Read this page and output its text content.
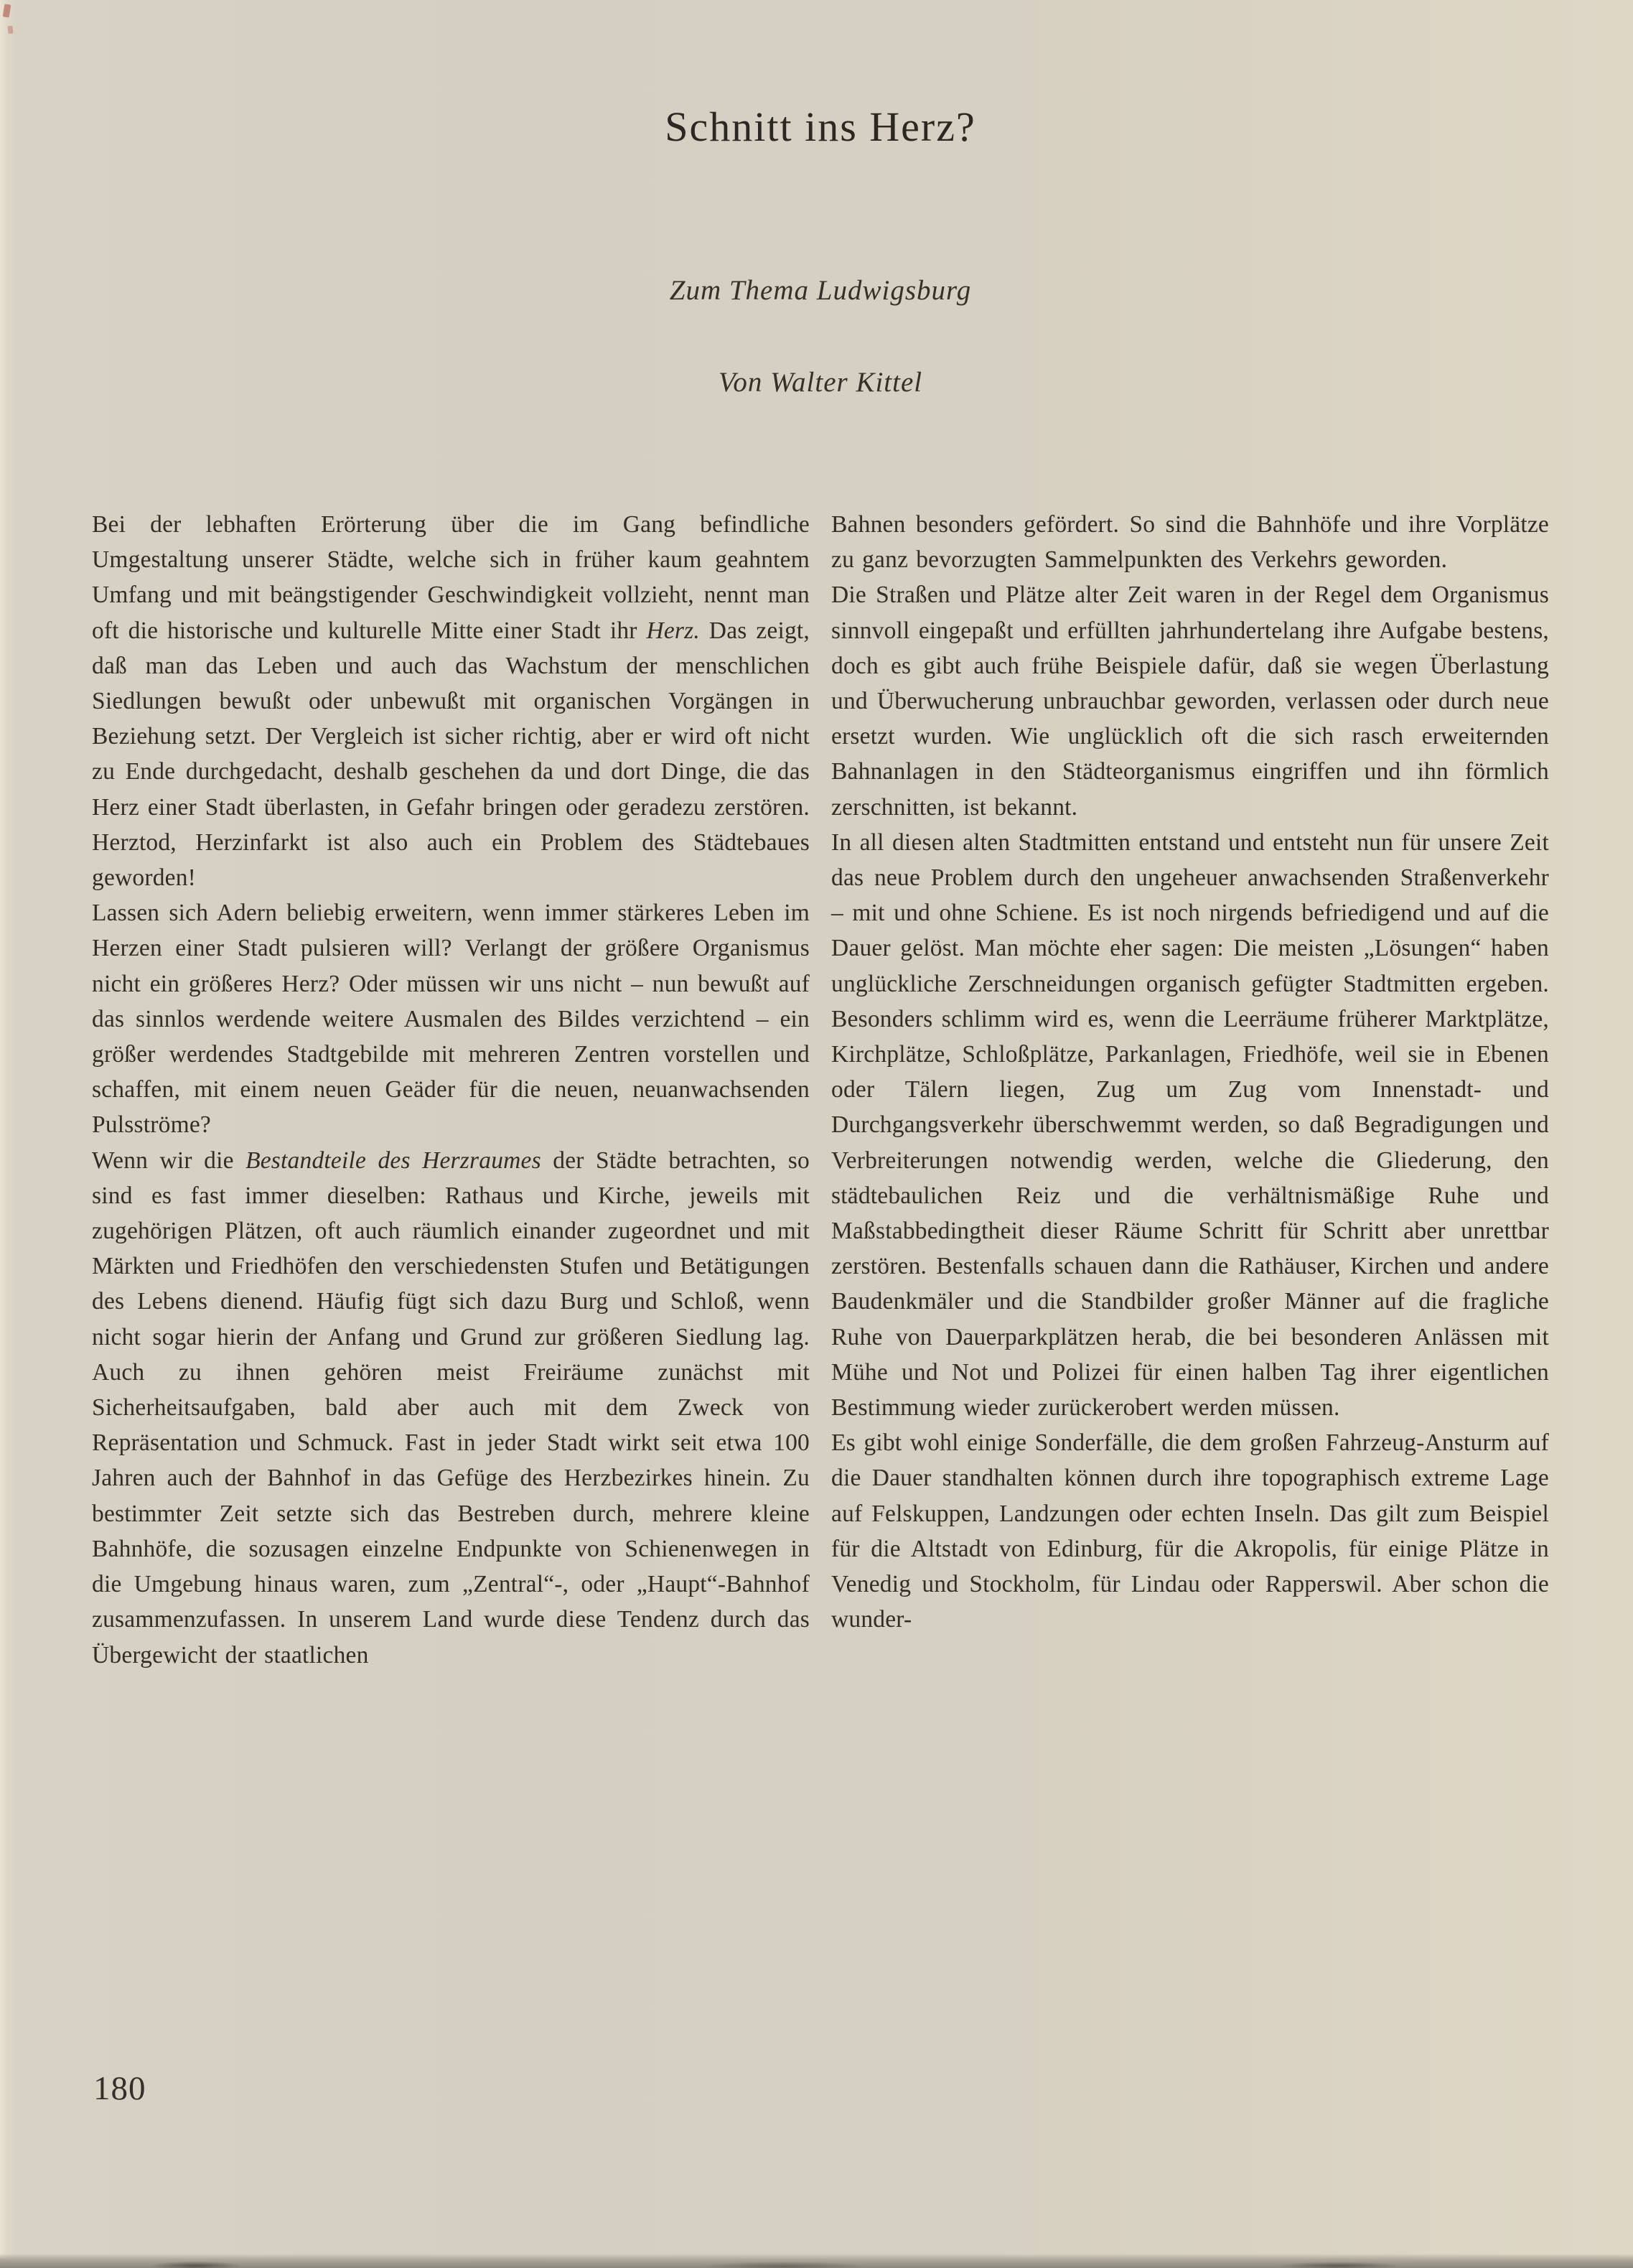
Schnitt ins Herz?
Zum Thema Ludwigsburg
Von Walter Kittel

Bei der lebhaften Erörterung über die im Gang befindliche Umgestaltung unserer Städte, welche sich in früher kaum geahntem Umfang und mit beängstigender Geschwindigkeit vollzieht, nennt man oft die historische und kulturelle Mitte einer Stadt ihr Herz. Das zeigt, daß man das Leben und auch das Wachstum der menschlichen Siedlungen bewußt oder unbewußt mit organischen Vorgängen in Beziehung setzt. Der Vergleich ist sicher richtig, aber er wird oft nicht zu Ende durchgedacht, deshalb geschehen da und dort Dinge, die das Herz einer Stadt überlasten, in Gefahr bringen oder geradezu zerstören. Herztod, Herzinfarkt ist also auch ein Problem des Städtebaues geworden!

Lassen sich Adern beliebig erweitern, wenn immer stärkeres Leben im Herzen einer Stadt pulsieren will? Verlangt der größere Organismus nicht ein größeres Herz? Oder müssen wir uns nicht – nun bewußt auf das sinnlos werdende weitere Ausmalen des Bildes verzichtend – ein größer werdendes Stadtgebilde mit mehreren Zentren vorstellen und schaffen, mit einem neuen Geäder für die neuen, neuanwachsenden Pulsströme?

Wenn wir die Bestandteile des Herzraumes der Städte betrachten, so sind es fast immer dieselben: Rathaus und Kirche, jeweils mit zugehörigen Plätzen, oft auch räumlich einander zugeordnet und mit Märkten und Friedhöfen den verschiedensten Stufen und Betätigungen des Lebens dienend. Häufig fügt sich dazu Burg und Schloß, wenn nicht sogar hierin der Anfang und Grund zur größeren Siedlung lag. Auch zu ihnen gehören meist Freiräume zunächst mit Sicherheitsaufgaben, bald aber auch mit dem Zweck von Repräsentation und Schmuck. Fast in jeder Stadt wirkt seit etwa 100 Jahren auch der Bahnhof in das Gefüge des Herzbezirkes hinein. Zu bestimmter Zeit setzte sich das Bestreben durch, mehrere kleine Bahnhöfe, die sozusagen einzelne Endpunkte von Schienenwegen in die Umgebung hinaus waren, zum „Zentral“-, oder „Haupt“-Bahnhof zusammenzufassen. In unserem Land wurde diese Tendenz durch das Übergewicht der staatlichen

Bahnen besonders gefördert. So sind die Bahnhöfe und ihre Vorplätze zu ganz bevorzugten Sammelpunkten des Verkehrs geworden.

Die Straßen und Plätze alter Zeit waren in der Regel dem Organismus sinnvoll eingepaßt und erfüllten jahrhundertelang ihre Aufgabe bestens, doch es gibt auch frühe Beispiele dafür, daß sie wegen Überlastung und Überwucherung unbrauchbar geworden, verlassen oder durch neue ersetzt wurden. Wie unglücklich oft die sich rasch erweiternden Bahnanlagen in den Städteorganismus eingriffen und ihn förmlich zerschnitten, ist bekannt.

In all diesen alten Stadtmitten entstand und entsteht nun für unsere Zeit das neue Problem durch den ungeheuer anwachsenden Straßenverkehr – mit und ohne Schiene. Es ist noch nirgends befriedigend und auf die Dauer gelöst. Man möchte eher sagen: Die meisten „Lösungen“ haben unglückliche Zerschneidungen organisch gefügter Stadtmitten ergeben. Besonders schlimm wird es, wenn die Leerräume früherer Marktplätze, Kirchplätze, Schloßplätze, Parkanlagen, Friedhöfe, weil sie in Ebenen oder Tälern liegen, Zug um Zug vom Innenstadt- und Durchgangsverkehr überschwemmt werden, so daß Begradigungen und Verbreiterungen notwendig werden, welche die Gliederung, den städtebaulichen Reiz und die verhältnismäßige Ruhe und Maßstabbedingtheit dieser Räume Schritt für Schritt aber unrettbar zerstören. Bestenfalls schauen dann die Rathäuser, Kirchen und andere Baudenkmäler und die Standbilder großer Männer auf die fragliche Ruhe von Dauerparkplätzen herab, die bei besonderen Anlässen mit Mühe und Not und Polizei für einen halben Tag ihrer eigentlichen Bestimmung wieder zurückerobert werden müssen.

Es gibt wohl einige Sonderfälle, die dem großen Fahrzeug-Ansturm auf die Dauer standhalten können durch ihre topographisch extreme Lage auf Felskuppen, Landzungen oder echten Inseln. Das gilt zum Beispiel für die Altstadt von Edinburg, für die Akropolis, für einige Plätze in Venedig und Stockholm, für Lindau oder Rapperswil. Aber schon die wunder-

180
